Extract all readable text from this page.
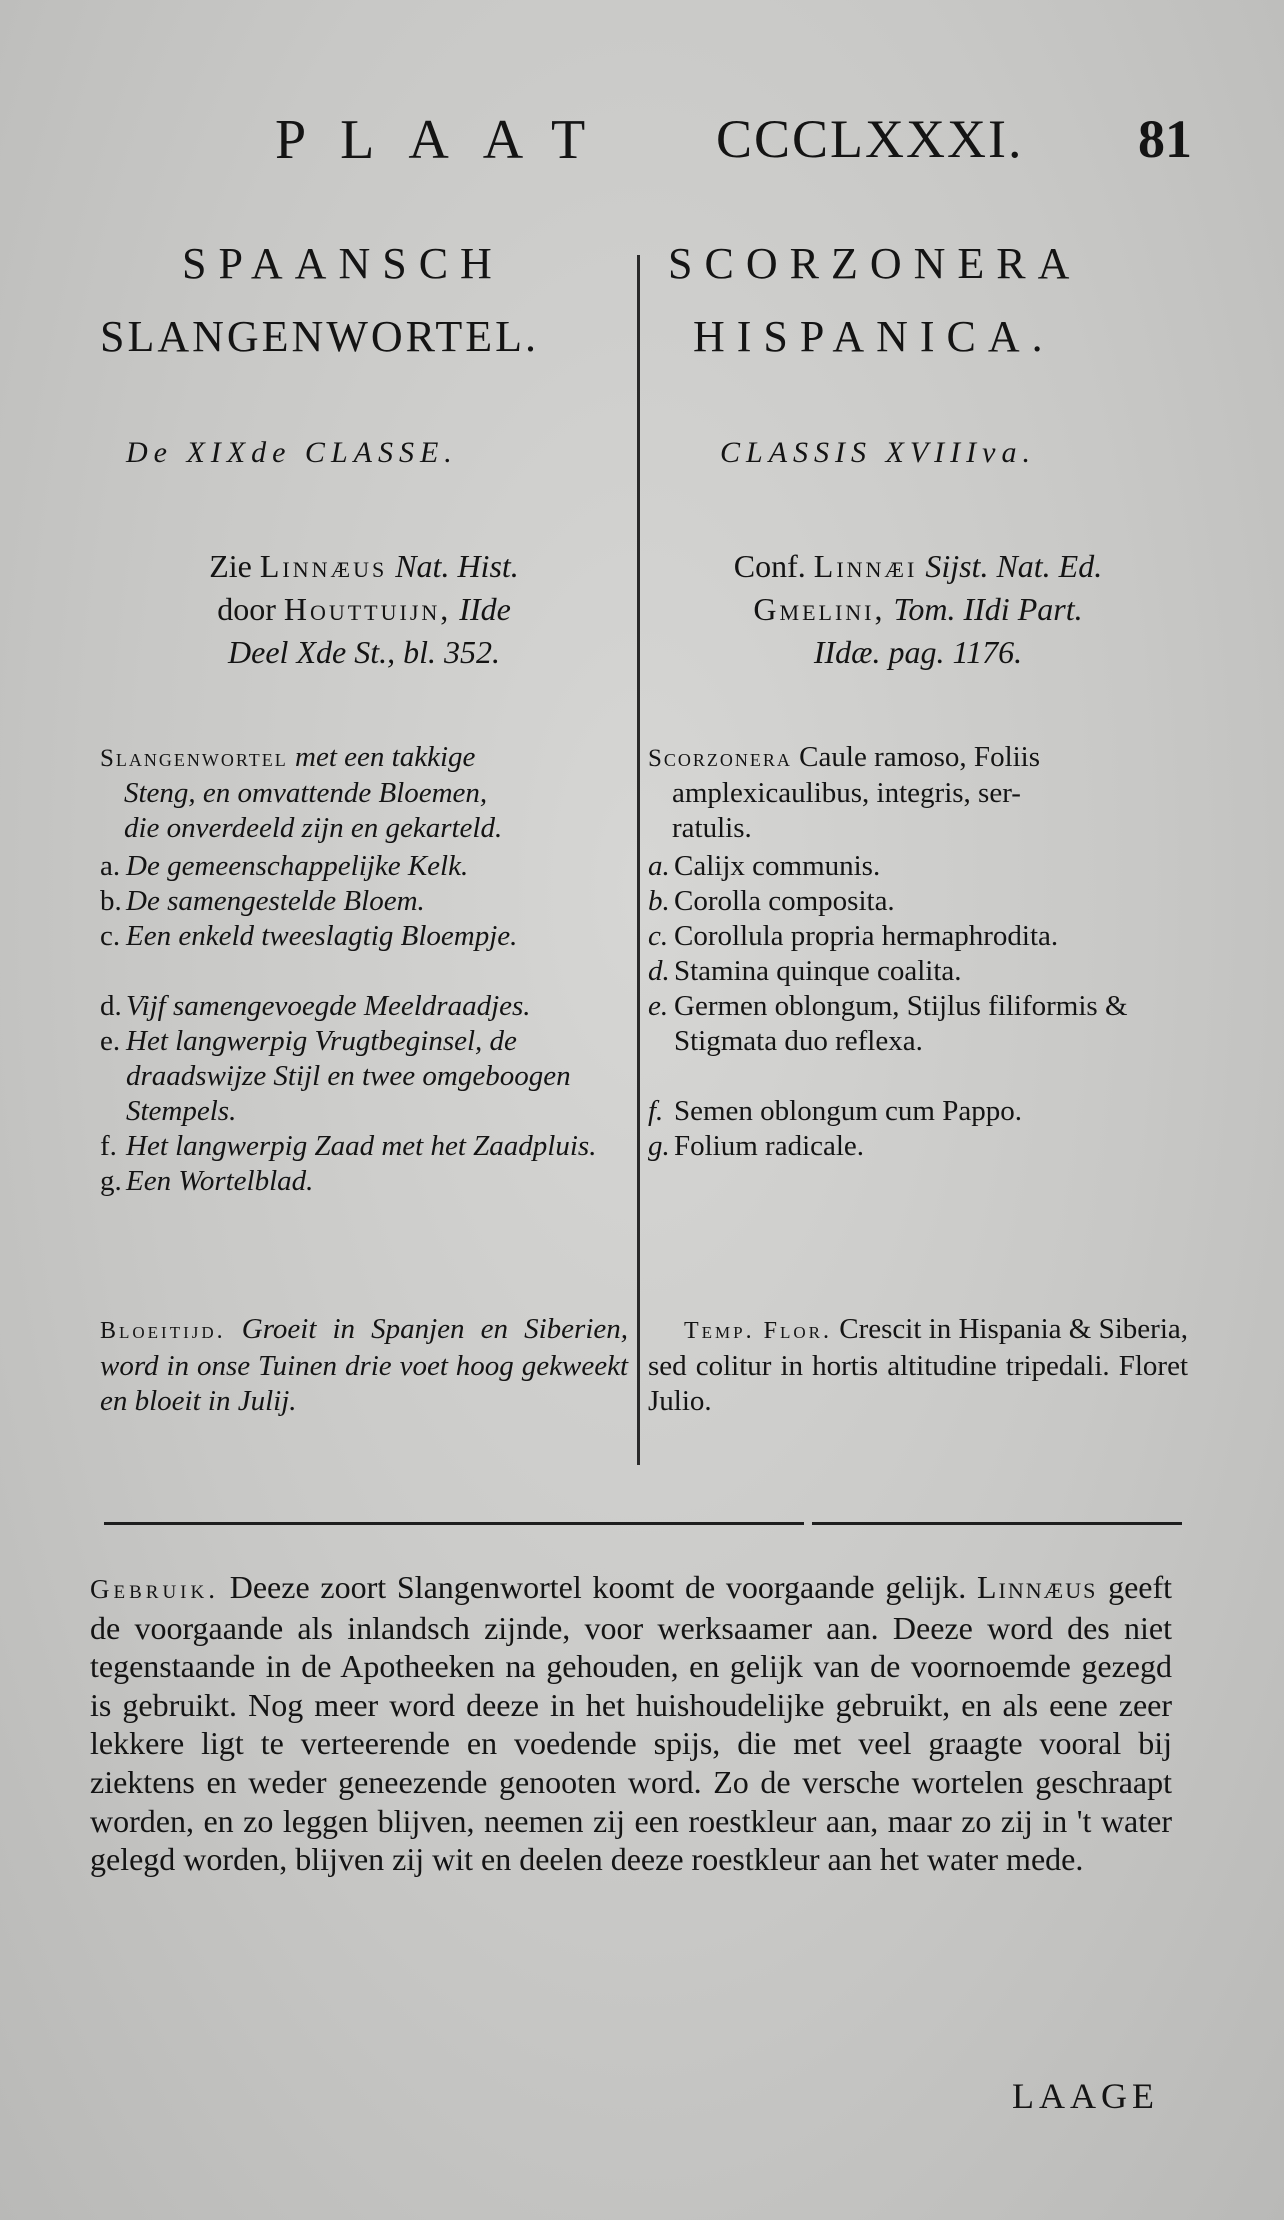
PLAAT CCCLXXXI. 81
SPAANSCH
SLANGENWORTEL.
De XIXde CLASSE.
Zie Linnæus Nat. Hist.
door Houttuijn, IIde
Deel Xde St., bl. 352.
Slangenwortel met een takkige
Steng, en omvattende Bloemen,
die onverdeeld zijn en gekarteld.
a. De gemeenschappelijke Kelk.
b. De samengestelde Bloem.
c. Een enkeld tweeslagtig Bloempje.
d. Vijf samengevoegde Meeldraadjes.
e. Het langwerpig Vrugtbeginsel, de draadswijze Stijl en twee omgeboogen Stempels.
f. Het langwerpig Zaad met het Zaadpluis.
g. Een Wortelblad.
Bloeitijd. Groeit in Spanjen en Siberien, word in onse Tuinen drie voet hoog gekweekt en bloeit in Julij.
SCORZONERA
HISPANICA.
CLASSIS XVIIIva.
Conf. Linnæi Sijst. Nat. Ed.
Gmelini, Tom. IIdi Part.
IIdæ. pag. 1176.
Scorzonera Caule ramoso, Foliis
amplexicaulibus, integris, ser-
ratulis.
a. Calijx communis.
b. Corolla composita.
c. Corollula propria hermaphrodita.
d. Stamina quinque coalita.
e. Germen oblongum, Stijlus filiformis & Stigmata duo reflexa.
f. Semen oblongum cum Pappo.
g. Folium radicale.
Temp. Flor. Crescit in Hispania & Siberia, sed colitur in hortis altitudine tripedali. Floret Julio.
Gebruik. Deeze zoort Slangenwortel koomt de voorgaande gelijk. Linnæus geeft de voorgaande als inlandsch zijnde, voor werksaamer aan. Deeze word des niet tegenstaande in de Apotheeken na gehouden, en gelijk van de voornoemde gezegd is gebruikt. Nog meer word deeze in het huishoudelijke gebruikt, en als eene zeer lekkere ligt te verteerende en voedende spijs, die met veel graagte vooral bij ziektens en weder geneezende genooten word. Zo de versche wortelen geschraapt worden, en zo leggen blijven, neemen zij een roestkleur aan, maar zo zij in 't water gelegd worden, blijven zij wit en deelen deeze roestkleur aan het water mede.
LAAGE
